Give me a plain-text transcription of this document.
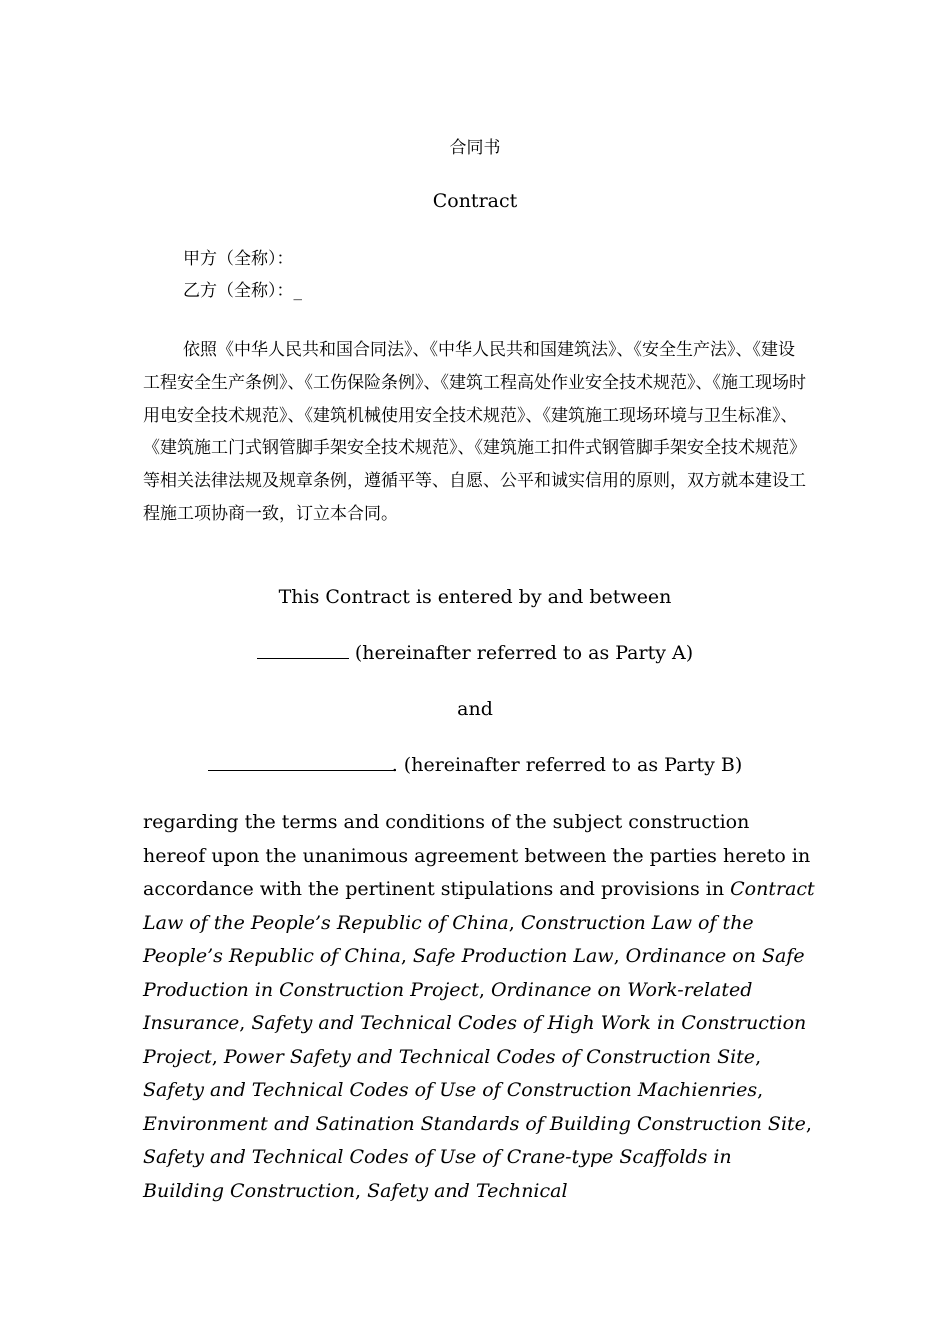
合同书
Contract
甲方（全称）：
乙方（全称）：_

依照《中华人民共和国合同法》、《中华人民共和国建筑法》、《安全生产法》、《建设工程安全生产条例》、《工伤保险条例》、《建筑工程高处作业安全技术规范》、《施工现场时用电安全技术规范》、《建筑机械使用安全技术规范》、《建筑施工现场环境与卫生标准》、《建筑施工门式钢管脚手架安全技术规范》、《建筑施工扣件式钢管脚手架安全技术规范》等相关法律法规及规章条例，遵循平等、自愿、公平和诚实信用的原则，双方就本建设工程施工项协商一致，订立本合同。

This Contract is entered by and between
(hereinafter referred to as Party A)
and
. (hereinafter referred to as Party B)

regarding the terms and conditions of the subject construction hereof upon the unanimous agreement between the parties hereto in accordance with the pertinent stipulations and provisions in Contract Law of the People’s Republic of China, Construction Law of the People’s Republic of China, Safe Production Law, Ordinance on Safe Production in Construction Project, Ordinance on Work-related Insurance, Safety and Technical Codes of High Work in Construction Project, Power Safety and Technical Codes of Construction Site, Safety and Technical Codes of Use of Construction Machienries, Environment and Satination Standards of Building Construction Site, Safety and Technical Codes of Use of Crane-type Scaffolds in Building Construction, Safety and Technical
